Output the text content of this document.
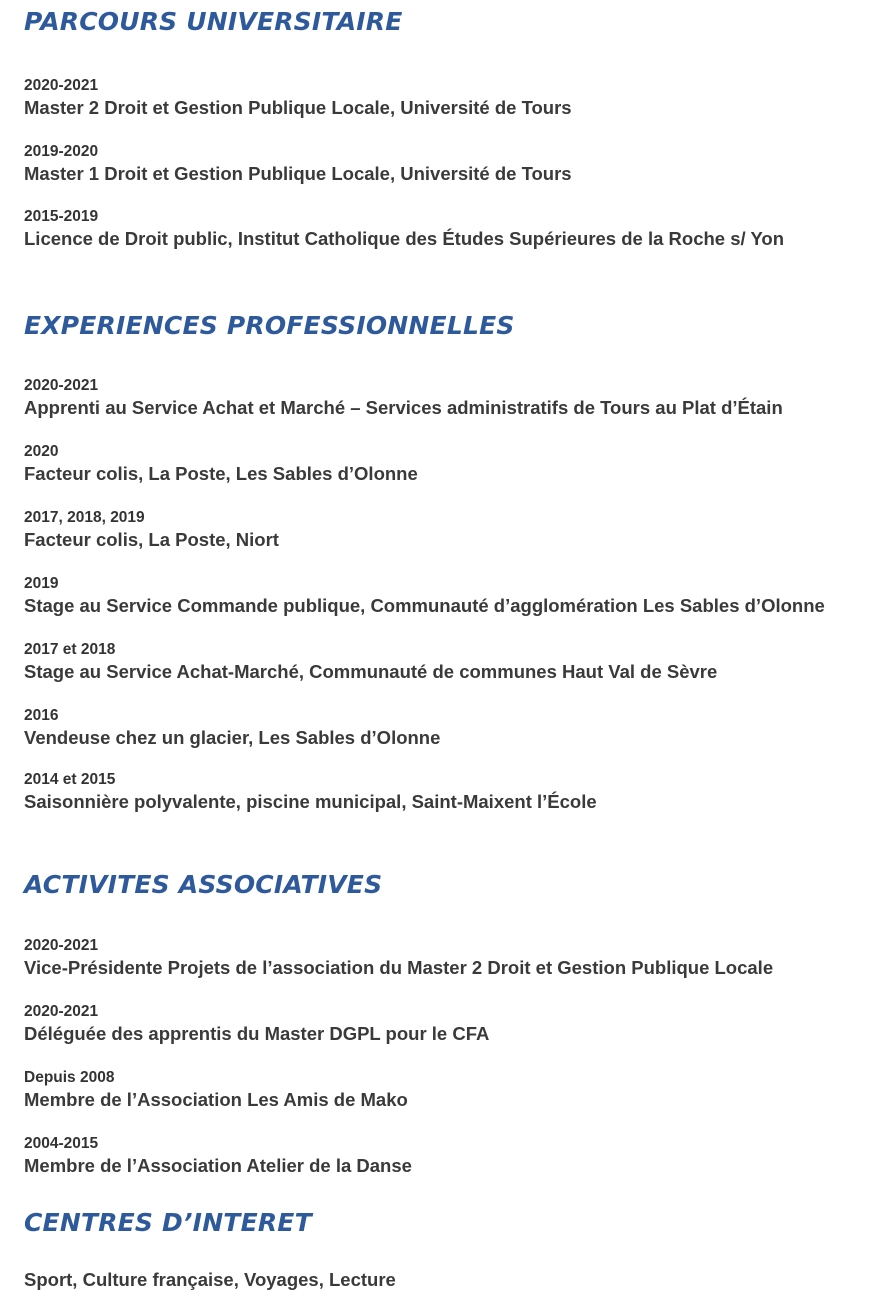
PARCOURS UNIVERSITAIRE
2020-2021
Master 2 Droit et Gestion Publique Locale, Université de Tours
2019-2020
Master 1 Droit et Gestion Publique Locale, Université de Tours
2015-2019
Licence de Droit public, Institut Catholique des Études Supérieures de la Roche s/ Yon
EXPERIENCES PROFESSIONNELLES
2020-2021
Apprenti au Service Achat et Marché – Services administratifs de Tours au Plat d’Étain
2020
Facteur colis, La Poste, Les Sables d’Olonne
2017, 2018, 2019
Facteur colis, La Poste, Niort
2019
Stage au Service Commande publique, Communauté d’agglomération Les Sables d’Olonne
2017 et 2018
Stage au Service Achat-Marché, Communauté de communes Haut Val de Sèvre
2016
Vendeuse chez un glacier, Les Sables d’Olonne
2014 et 2015
Saisonnière polyvalente, piscine municipal, Saint-Maixent l’École
ACTIVITES ASSOCIATIVES
2020-2021
Vice-Présidente Projets de l’association du Master 2 Droit et Gestion Publique Locale
2020-2021
Déléguée des apprentis du Master DGPL pour le CFA
Depuis 2008
Membre de l’Association Les Amis de Mako
2004-2015
Membre de l’Association Atelier de la Danse
CENTRES D’INTERET
Sport, Culture française, Voyages, Lecture
